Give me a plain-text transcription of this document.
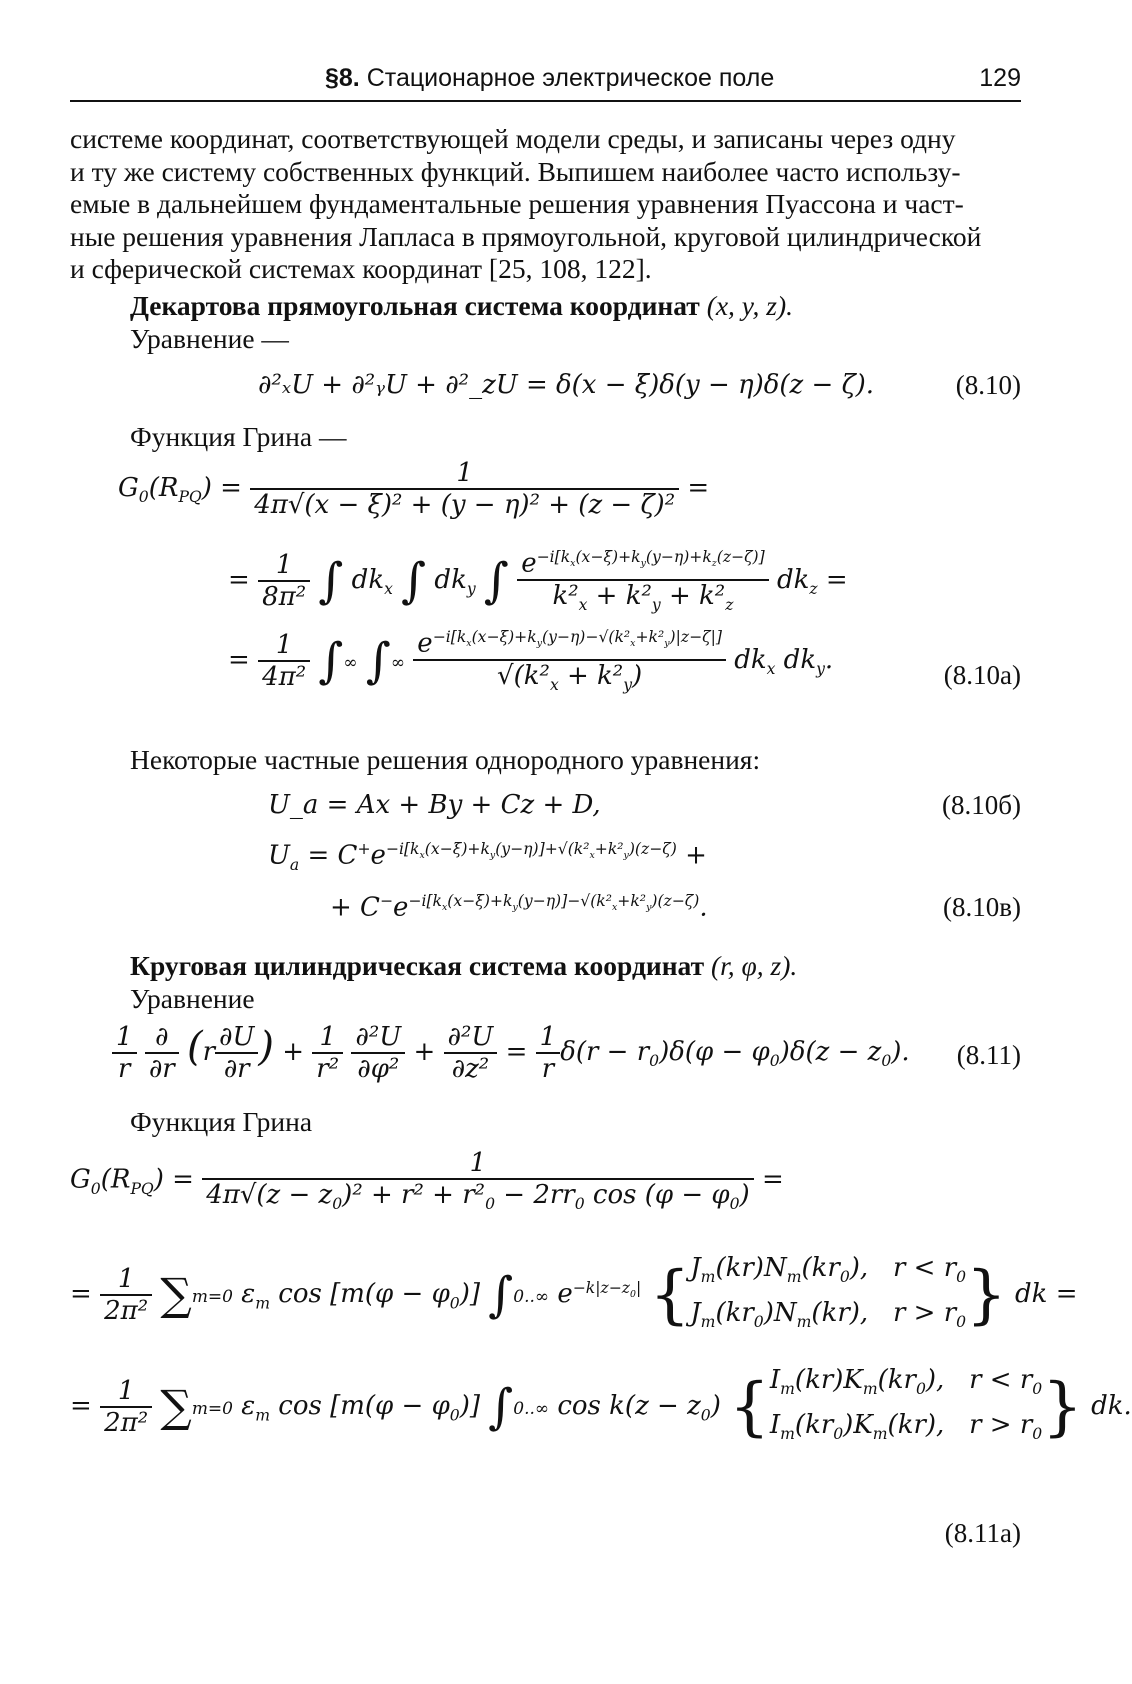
§8. Стационарное электрическое поле	129
системе координат, соответствующей модели среды, и записаны через одну
и ту же систему собственных функций. Выпишем наиболее часто использу-
емые в дальнейшем фундаментальные решения уравнения Пуассона и част-
ные решения уравнения Лапласа в прямоугольной, круговой цилиндрической
и сферической системах координат [25, 108, 122].
Декартова прямоугольная система координат (x, y, z).
Уравнение —
∂²ₓU + ∂²ᵧU + ∂²_zU = δ(x − ξ)δ(y − η)δ(z − ζ).	(8.10)
Функция Грина —
$G_0(R_{PQ}) = \frac{1}{\text{4π√(x − ξ)² + (y − η)² + (z − ζ)²}}$ =
= $\frac{1}{\text{8π²}}$ ∫ $dk_x$ ∫ $dk_y$ ∫ $\frac{e^{-i[k_x(x-\xi)+k_y(y-\eta)+k_z(z-\zeta)]}}{k^2_x + k^2_y + k^2_z} dk_z$ =
= $\frac{1}{\text{4π²}}$ ∫∞ ∫∞ $\frac{e^{-i[k_x(x-\xi)+k_y(y-\eta)-√(k^2_x+k^2_y)|z-\zeta|]}}{√(k^2_x + k^2_y)} dk_x$ $dk_y$.
(8.10a)
Некоторые частные решения однородного уравнения:
U_a = Ax + By + Cz + D,	(8.10б)
$U_a = C^+e^{-i[k_x(x-\xi)+k_y(y-\eta)]+√(k^2_x+k^2_y)(z-\zeta)}$ +
+ $C^-e^{-i[k_x(x-\xi)+k_y(y-\eta)]-√(k^2_x+k^2_y)(z-\zeta)}$.	(8.10в)
Круговая цилиндрическая система координат (r, φ, z).
Уравнение
$\frac{1}{r}$
$\frac{\partial}{\partial r} (r \frac{\partial U}{\partial r}$ ) + $\frac{1}{\text{r²}}$
$\frac{\text{∂²U}}{\text{∂φ²}} + \frac{\text{∂²U}}{\text{∂z²}} = \frac{1}{r} \delta(r - r_0)\delta(\varphi - \varphi_0)\delta(z - z_0)$. (8.11)
Функция Грина
$G_0(R_{PQ}) = \frac{1}{4\pi√(z - z_0)^2 + r^2 + r^2_0 - 2rr_0 \cos (\varphi - \varphi_0)}$ =
= $\frac{1}{\text{2π²}} \sum m=0$ $\varepsilon_m$ $\cos [m(\varphi - \varphi_0)]$ ∫0..∞ $e^{-k|z-z_0|}$ {$J_m(kr)N_m(kr_0)$,   $r < r_0$
$J_m(kr_0)N_m(kr)$,   $r > r_0$} dk =
= $\frac{1}{\text{2π²}} \sum m=0$ $\varepsilon_m$ $\cos [m(\varphi - \varphi_0)]$ ∫0..∞ $\cos k(z - z_0)$ {$I_m(kr)K_m(kr_0)$,   $r < r_0$
$I_m(kr_0)K_m(kr)$,   $r > r_0$} dk.
(8.11a)
